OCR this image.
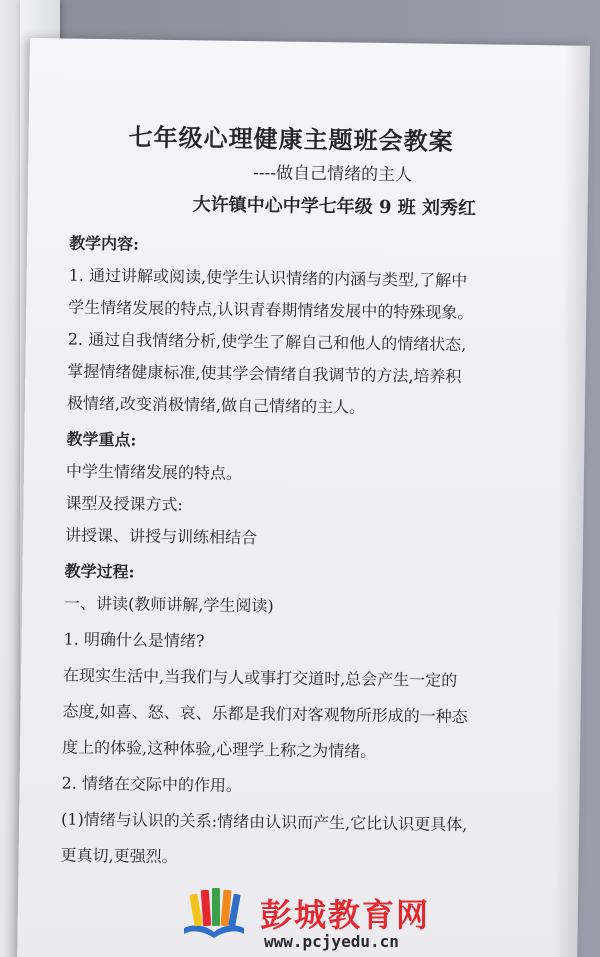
七年级心理健康主题班会教案
----做自己情绪的主人
大许镇中心中学七年级 9 班 刘秀红
教学内容:
1. 通过讲解或阅读,使学生认识情绪的内涵与类型,了解中
学生情绪发展的特点,认识青春期情绪发展中的特殊现象。
2. 通过自我情绪分析,使学生了解自己和他人的情绪状态,
掌握情绪健康标准,使其学会情绪自我调节的方法,培养积
极情绪,改变消极情绪,做自己情绪的主人。
教学重点:
中学生情绪发展的特点。
课型及授课方式:
讲授课、讲授与训练相结合
教学过程:
一、讲读(教师讲解,学生阅读)
1. 明确什么是情绪?
在现实生活中,当我们与人或事打交道时,总会产生一定的
态度,如喜、怒、哀、乐都是我们对客观物所形成的一种态
度上的体验,这种体验,心理学上称之为情绪。
2. 情绪在交际中的作用。
(1)情绪与认识的关系:情绪由认识而产生,它比认识更具体,
更真切,更强烈。
彭城教育网
www.pcjyedu.cn
